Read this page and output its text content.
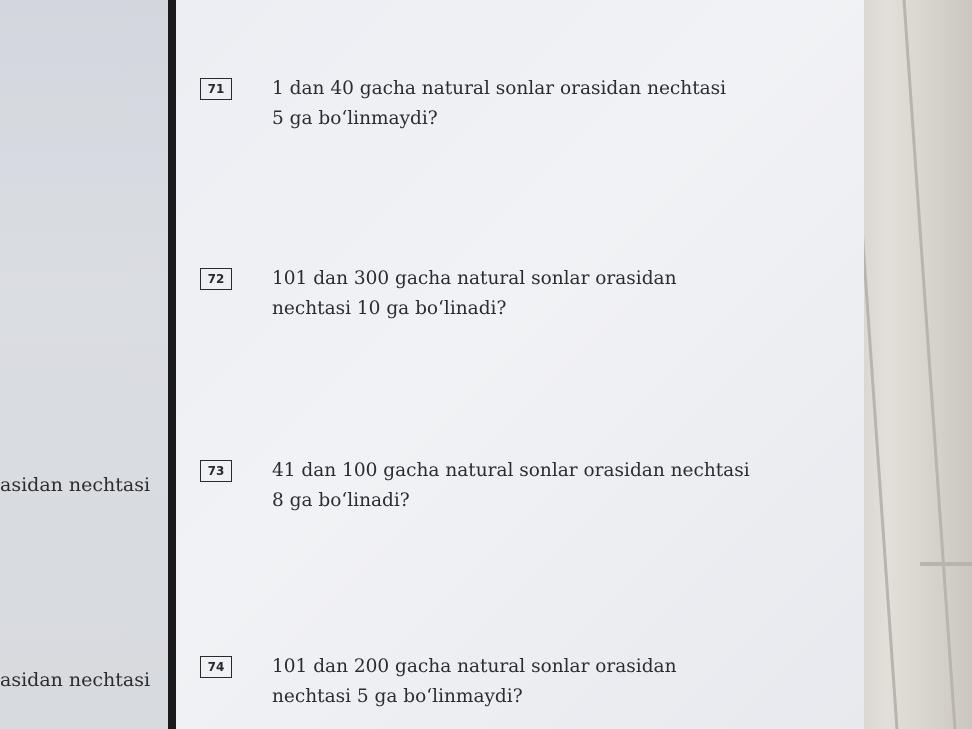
asidan nechtasi
asidan nechtasi
71	1 dan 40 gacha natural sonlar orasidan nechtasi
5 ga bo‘linmaydi?
72	101 dan 300 gacha natural sonlar orasidan
nechtasi 10 ga bo‘linadi?
73	41 dan 100 gacha natural sonlar orasidan nechtasi
8 ga bo‘linadi?
74	101 dan 200 gacha natural sonlar orasidan
nechtasi 5 ga bo‘linmaydi?
